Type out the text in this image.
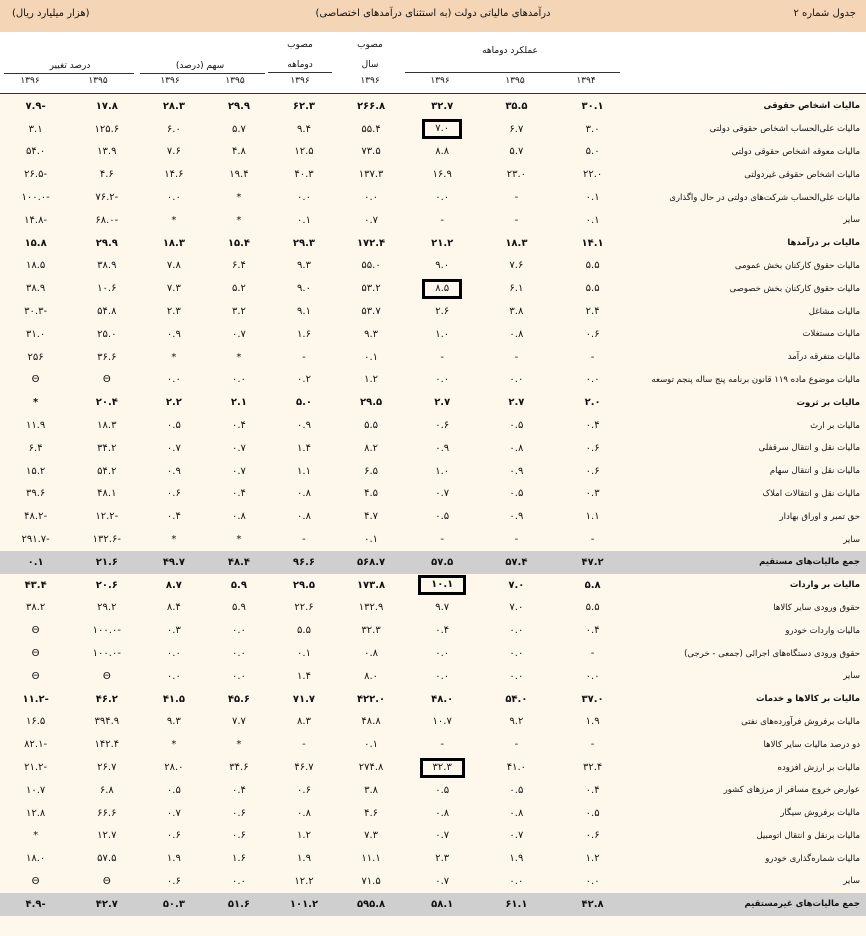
جدول شماره ۲
درآمدهای مالیاتی دولت (به استثنای درآمدهای اختصاصی)
(هزار میلیارد ریال)
عملکرد دوماهه
مصوب
سال
مصوب
دوماهه
سهم (درصد)
درصد تغییر
۱۳۹۴
۱۳۹۵
۱۳۹۶
۱۳۹۶
۱۳۹۶
۱۳۹۵
۱۳۹۶
۱۳۹۵
۱۳۹۶
مالیات اشخاص حقوقی	۳۰.۱	۳۵.۵	۳۲.۷	۲۶۶.۸	۶۲.۳	۲۹.۹	۲۸.۳	۱۷.۸	-۷.۹
مالیات علی‌الحساب اشخاص حقوقی دولتی	۳.۰	۶.۷	۷.۰	۵۵.۴	۹.۴	۵.۷	۶.۰	۱۲۵.۶	۳.۱
مالیات معوقه اشخاص حقوقی دولتی	۵.۰	۵.۷	۸.۸	۷۳.۵	۱۲.۵	۴.۸	۷.۶	۱۳.۹	۵۴.۰
مالیات اشخاص حقوقی غیردولتی	۲۲.۰	۲۳.۰	۱۶.۹	۱۳۷.۳	۴۰.۳	۱۹.۴	۱۴.۶	۴.۶	-۲۶.۵
مالیات علی‌الحساب شرکت‌های دولتی در حال واگذاری	۰.۱	-	۰.۰	۰.۰	۰.۰	*	۰.۰	-۷۶.۲	-۱۰۰.۰
سایر	۰.۱	-	-	۰.۷	۰.۱	*	*	-۶۸.۰	-۱۴.۸
مالیات بر درآمدها	۱۴.۱	۱۸.۳	۲۱.۲	۱۷۲.۴	۲۹.۳	۱۵.۴	۱۸.۳	۲۹.۹	۱۵.۸
مالیات حقوق کارکنان بخش عمومی	۵.۵	۷.۶	۹.۰	۵۵.۰	۹.۳	۶.۴	۷.۸	۳۸.۹	۱۸.۵
مالیات حقوق کارکنان بخش خصوصی	۵.۵	۶.۱	۸.۵	۵۳.۲	۹.۰	۵.۲	۷.۳	۱۰.۶	۳۸.۹
مالیات مشاغل	۲.۴	۳.۸	۲.۶	۵۳.۷	۹.۱	۳.۲	۲.۳	۵۴.۸	-۳۰.۳
مالیات مستغلات	۰.۶	۰.۸	۱.۰	۹.۳	۱.۶	۰.۷	۰.۹	۲۵.۰	۳۱.۰
مالیات متفرقه درآمد	-	-	-	۰.۱	-	*	*	۳۶.۶	۲۵۶
مالیات موضوع ماده ۱۱۹ قانون برنامه پنج ساله پنجم توسعه	۰.۰	۰.۰	۰.۰	۱.۲	۰.۲	۰.۰	۰.۰	Θ	Θ
مالیات بر ثروت	۲.۰	۲.۷	۲.۷	۲۹.۵	۵.۰	۲.۱	۲.۲	۲۰.۴	*
مالیات بر ارث	۰.۴	۰.۵	۰.۶	۵.۵	۰.۹	۰.۴	۰.۵	۱۸.۳	۱۱.۹
مالیات نقل و انتقال سرقفلی	۰.۶	۰.۸	۰.۹	۸.۲	۱.۴	۰.۷	۰.۷	۳۴.۲	۶.۴
مالیات نقل و انتقال سهام	۰.۶	۰.۹	۱.۰	۶.۵	۱.۱	۰.۷	۰.۹	۵۴.۲	۱۵.۲
مالیات نقل و انتقالات املاک	۰.۳	۰.۵	۰.۷	۴.۵	۰.۸	۰.۴	۰.۶	۴۸.۱	۳۹.۶
حق تمبر و اوراق بهادار	۱.۱	۰.۹	۰.۵	۴.۷	۰.۸	۰.۸	۰.۴	-۱۲.۲	-۴۸.۲
سایر	-	-	-	۰.۱	-	*	*	-۱۳۲.۶	-۲۹۱.۷
جمع مالیات‌های مستقیم	۴۷.۲	۵۷.۴	۵۷.۵	۵۶۸.۷	۹۶.۶	۴۸.۴	۴۹.۷	۲۱.۶	۰.۱
مالیات بر واردات	۵.۸	۷.۰	۱۰.۱	۱۷۳.۸	۲۹.۵	۵.۹	۸.۷	۲۰.۶	۴۳.۴
حقوق ورودی سایر کالاها	۵.۵	۷.۰	۹.۷	۱۳۲.۹	۲۲.۶	۵.۹	۸.۴	۲۹.۲	۳۸.۲
مالیات واردات خودرو	۰.۴	۰.۰	۰.۴	۳۲.۳	۵.۵	۰.۰	۰.۳	-۱۰۰.۰	Θ
حقوق ورودی دستگاه‌های اجرائی (جمعی - خرجی)	-	۰.۰	۰.۰	۰.۸	۰.۱	۰.۰	۰.۰	-۱۰۰.۰	Θ
سایر	۰.۰	۰.۰	۰.۰	۸.۰	۱.۴	۰.۰	۰.۰	Θ	Θ
مالیات بر کالاها و خدمات	۳۷.۰	۵۴.۰	۴۸.۰	۴۲۲.۰	۷۱.۷	۴۵.۶	۴۱.۵	۴۶.۲	-۱۱.۲
مالیات برفروش فرآورده‌های نفتی	۱.۹	۹.۲	۱۰.۷	۴۸.۸	۸.۳	۷.۷	۹.۳	۳۹۴.۹	۱۶.۵
دو درصد مالیات سایر کالاها	-	-	-	۰.۱	-	*	*	۱۴۲.۴	-۸۲.۱
مالیات بر ارزش افزوده	۳۲.۴	۴۱.۰	۳۲.۳	۲۷۴.۸	۴۶.۷	۳۴.۶	۲۸.۰	۲۶.۷	-۲۱.۲
عوارض خروج مسافر از مرزهای کشور	۰.۴	۰.۵	۰.۵	۳.۸	۰.۶	۰.۴	۰.۵	۶.۸	۱۰.۷
مالیات برفروش سیگار	۰.۵	۰.۸	۰.۸	۴.۶	۰.۸	۰.۶	۰.۷	۶۶.۶	۱۲.۸
مالیات برنقل و انتقال اتومبیل	۰.۶	۰.۷	۰.۷	۷.۳	۱.۲	۰.۶	۰.۶	۱۲.۷	*
مالیات شماره‌گذاری خودرو	۱.۲	۱.۹	۲.۳	۱۱.۱	۱.۹	۱.۶	۱.۹	۵۷.۵	۱۸.۰
سایر	۰.۰	۰.۰	۰.۷	۷۱.۵	۱۲.۲	۰.۰	۰.۶	Θ	Θ
جمع مالیات‌های غیرمستقیم	۴۲.۸	۶۱.۱	۵۸.۱	۵۹۵.۸	۱۰۱.۲	۵۱.۶	۵۰.۳	۴۲.۷	-۴.۹
